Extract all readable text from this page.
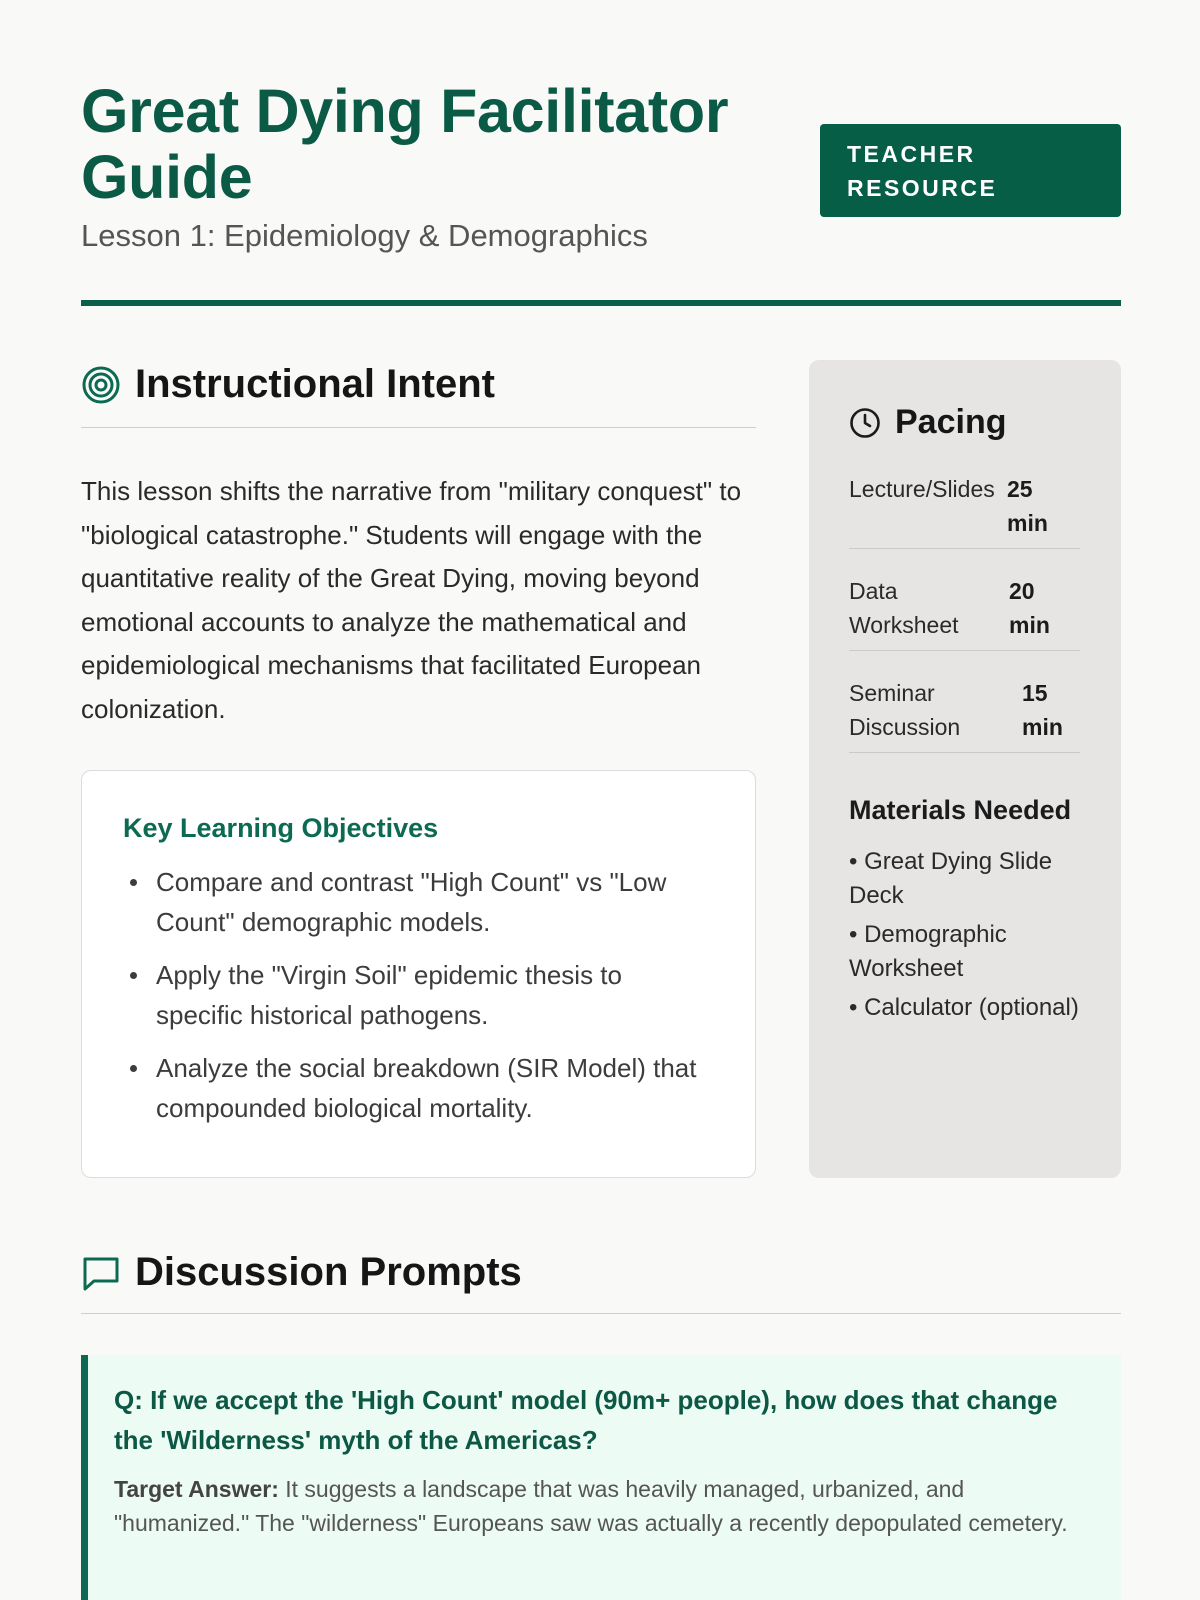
Great Dying Facilitator Guide
Lesson 1: Epidemiology & Demographics
TEACHER RESOURCE
Instructional Intent

This lesson shifts the narrative from "military conquest" to "biological catastrophe." Students will engage with the quantitative reality of the Great Dying, moving beyond emotional accounts to analyze the mathematical and epidemiological mechanisms that facilitated European colonization.

Key Learning Objectives
Compare and contrast "High Count" vs "Low Count" demographic models.
Apply the "Virgin Soil" epidemic thesis to specific historical pathogens.
Analyze the social breakdown (SIR Model) that compounded biological mortality.
Pacing
Lecture/Slides 25 min
Data Worksheet
20 min
Seminar Discussion
15 min
Materials Needed
• Great Dying Slide Deck
• Demographic Worksheet
• Calculator (optional)
Discussion Prompts

Q: If we accept the 'High Count' model (90m+ people), how does that change the 'Wilderness' myth of the Americas?

Target Answer: It suggests a landscape that was heavily managed, urbanized, and "humanized." The "wilderness" Europeans saw was actually a recently depopulated cemetery.
